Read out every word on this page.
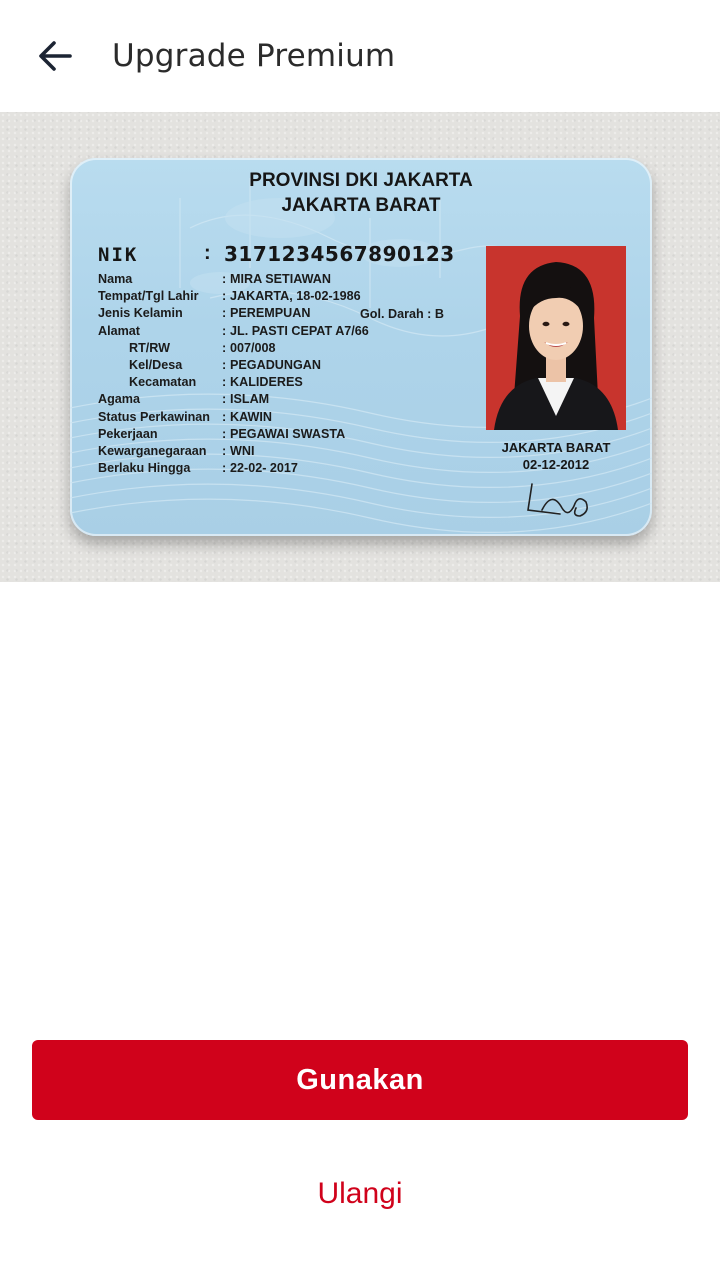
Upgrade Premium
PROVINSI DKI JAKARTA
JAKARTA BARAT
NIK	: 3171234567890123
Nama	: MIRA SETIAWAN
Tempat/Tgl Lahir : JAKARTA, 18-02-1986
Jenis Kelamin	: PEREMPUAN
Alamat	: JL. PASTI CEPAT A7/66
RT/RW	: 007/008
Kel/Desa	: PEGADUNGAN
Kecamatan : KALIDERES
Agama	: ISLAM
Status Perkawinan : KAWIN
Pekerjaan	: PEGAWAI SWASTA
Kewarganegaraan : WNI
Berlaku Hingga	: 22-02- 2017
Gol. Darah : B
JAKARTA BARAT
02-12-2012
Gunakan
Ulangi
